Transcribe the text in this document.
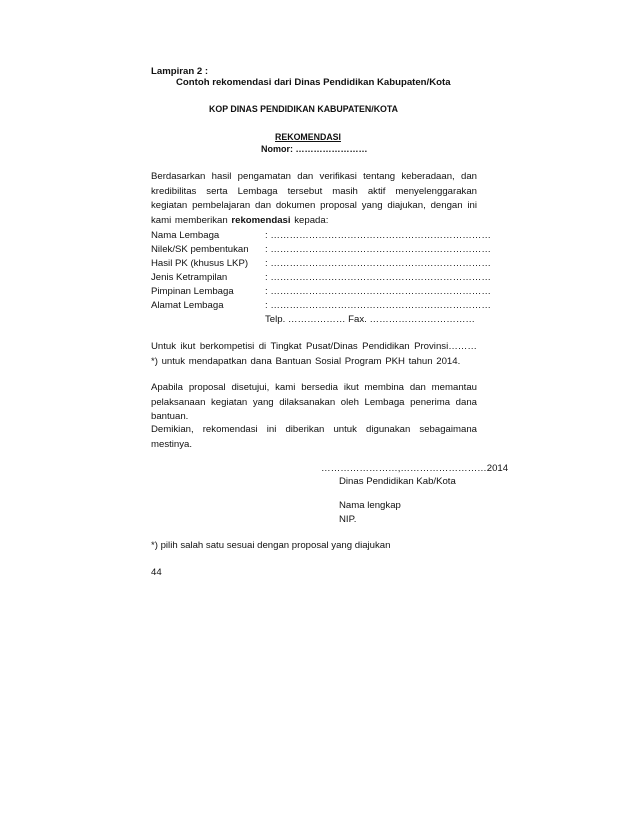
Lampiran 2 :
Contoh rekomendasi dari Dinas Pendidikan Kabupaten/Kota
KOP DINAS PENDIDIKAN KABUPATEN/KOTA
REKOMENDASI
Nomor: ……………………
Berdasarkan hasil pengamatan dan verifikasi tentang keberadaan, dan kredibilitas serta Lembaga tersebut masih aktif menyelenggarakan kegiatan pembelajaran dan dokumen proposal yang diajukan, dengan ini kami memberikan rekomendasi kepada:
Nama Lembaga	: ……………………………………………………………
Nilek/SK pembentukan : ……………………………………………………………
Hasil PK (khusus LKP) : ……………………………………………………………
Jenis Ketrampilan	: ……………………………………………………………
Pimpinan Lembaga	: ……………………………………………………………
Alamat Lembaga	: ……………………………………………………………
Telp. ……………… Fax. ……………………………
Untuk ikut berkompetisi di Tingkat Pusat/Dinas Pendidikan Provinsi………*) untuk mendapatkan dana Bantuan Sosial Program PKH tahun 2014.
Apabila proposal disetujui, kami bersedia ikut membina dan memantau pelaksanaan kegiatan yang dilaksanakan oleh Lembaga penerima dana bantuan.
Demikian, rekomendasi ini diberikan untuk digunakan sebagaimana mestinya.
……………………,………………………2014
Dinas Pendidikan Kab/Kota
Nama lengkap
NIP.
*) pilih salah satu sesuai dengan proposal yang diajukan
44
